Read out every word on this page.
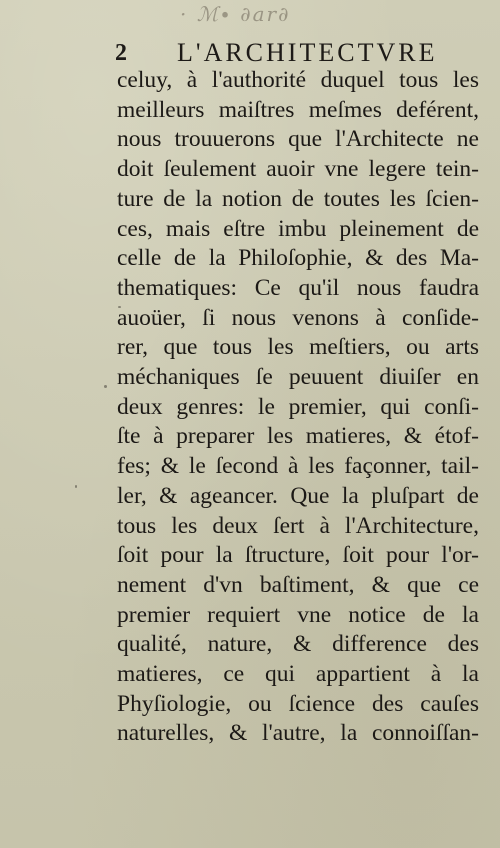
· ℳ∙ ∂ar∂
2 L'ARCHITECTVRE
celuy, à l'authorité duquel tous les
meilleurs maiſtres meſmes deférent,
nous trouuerons que l'Architecte ne
doit ſeulement auoir vne legere tein-
ture de la notion de toutes les ſcien-
ces, mais eſtre imbu pleinement de
celle de la Philoſophie, & des Ma-
thematiques: Ce qu'il nous faudra
auoüer, ſi nous venons à conſide-
rer, que tous les meſtiers, ou arts
méchaniques ſe peuuent diuiſer en
deux genres: le premier, qui conſi-
ſte à preparer les matieres, & étof-
fes; & le ſecond à les façonner, tail-
ler, & ageancer. Que la pluſpart de
tous les deux ſert à l'Architecture,
ſoit pour la ſtructure, ſoit pour l'or-
nement d'vn baſtiment, & que ce
premier requiert vne notice de la
qualité, nature, & difference des
matieres, ce qui appartient à la
Phyſiologie, ou ſcience des cauſes
naturelles, & l'autre, la connoiſſan-
